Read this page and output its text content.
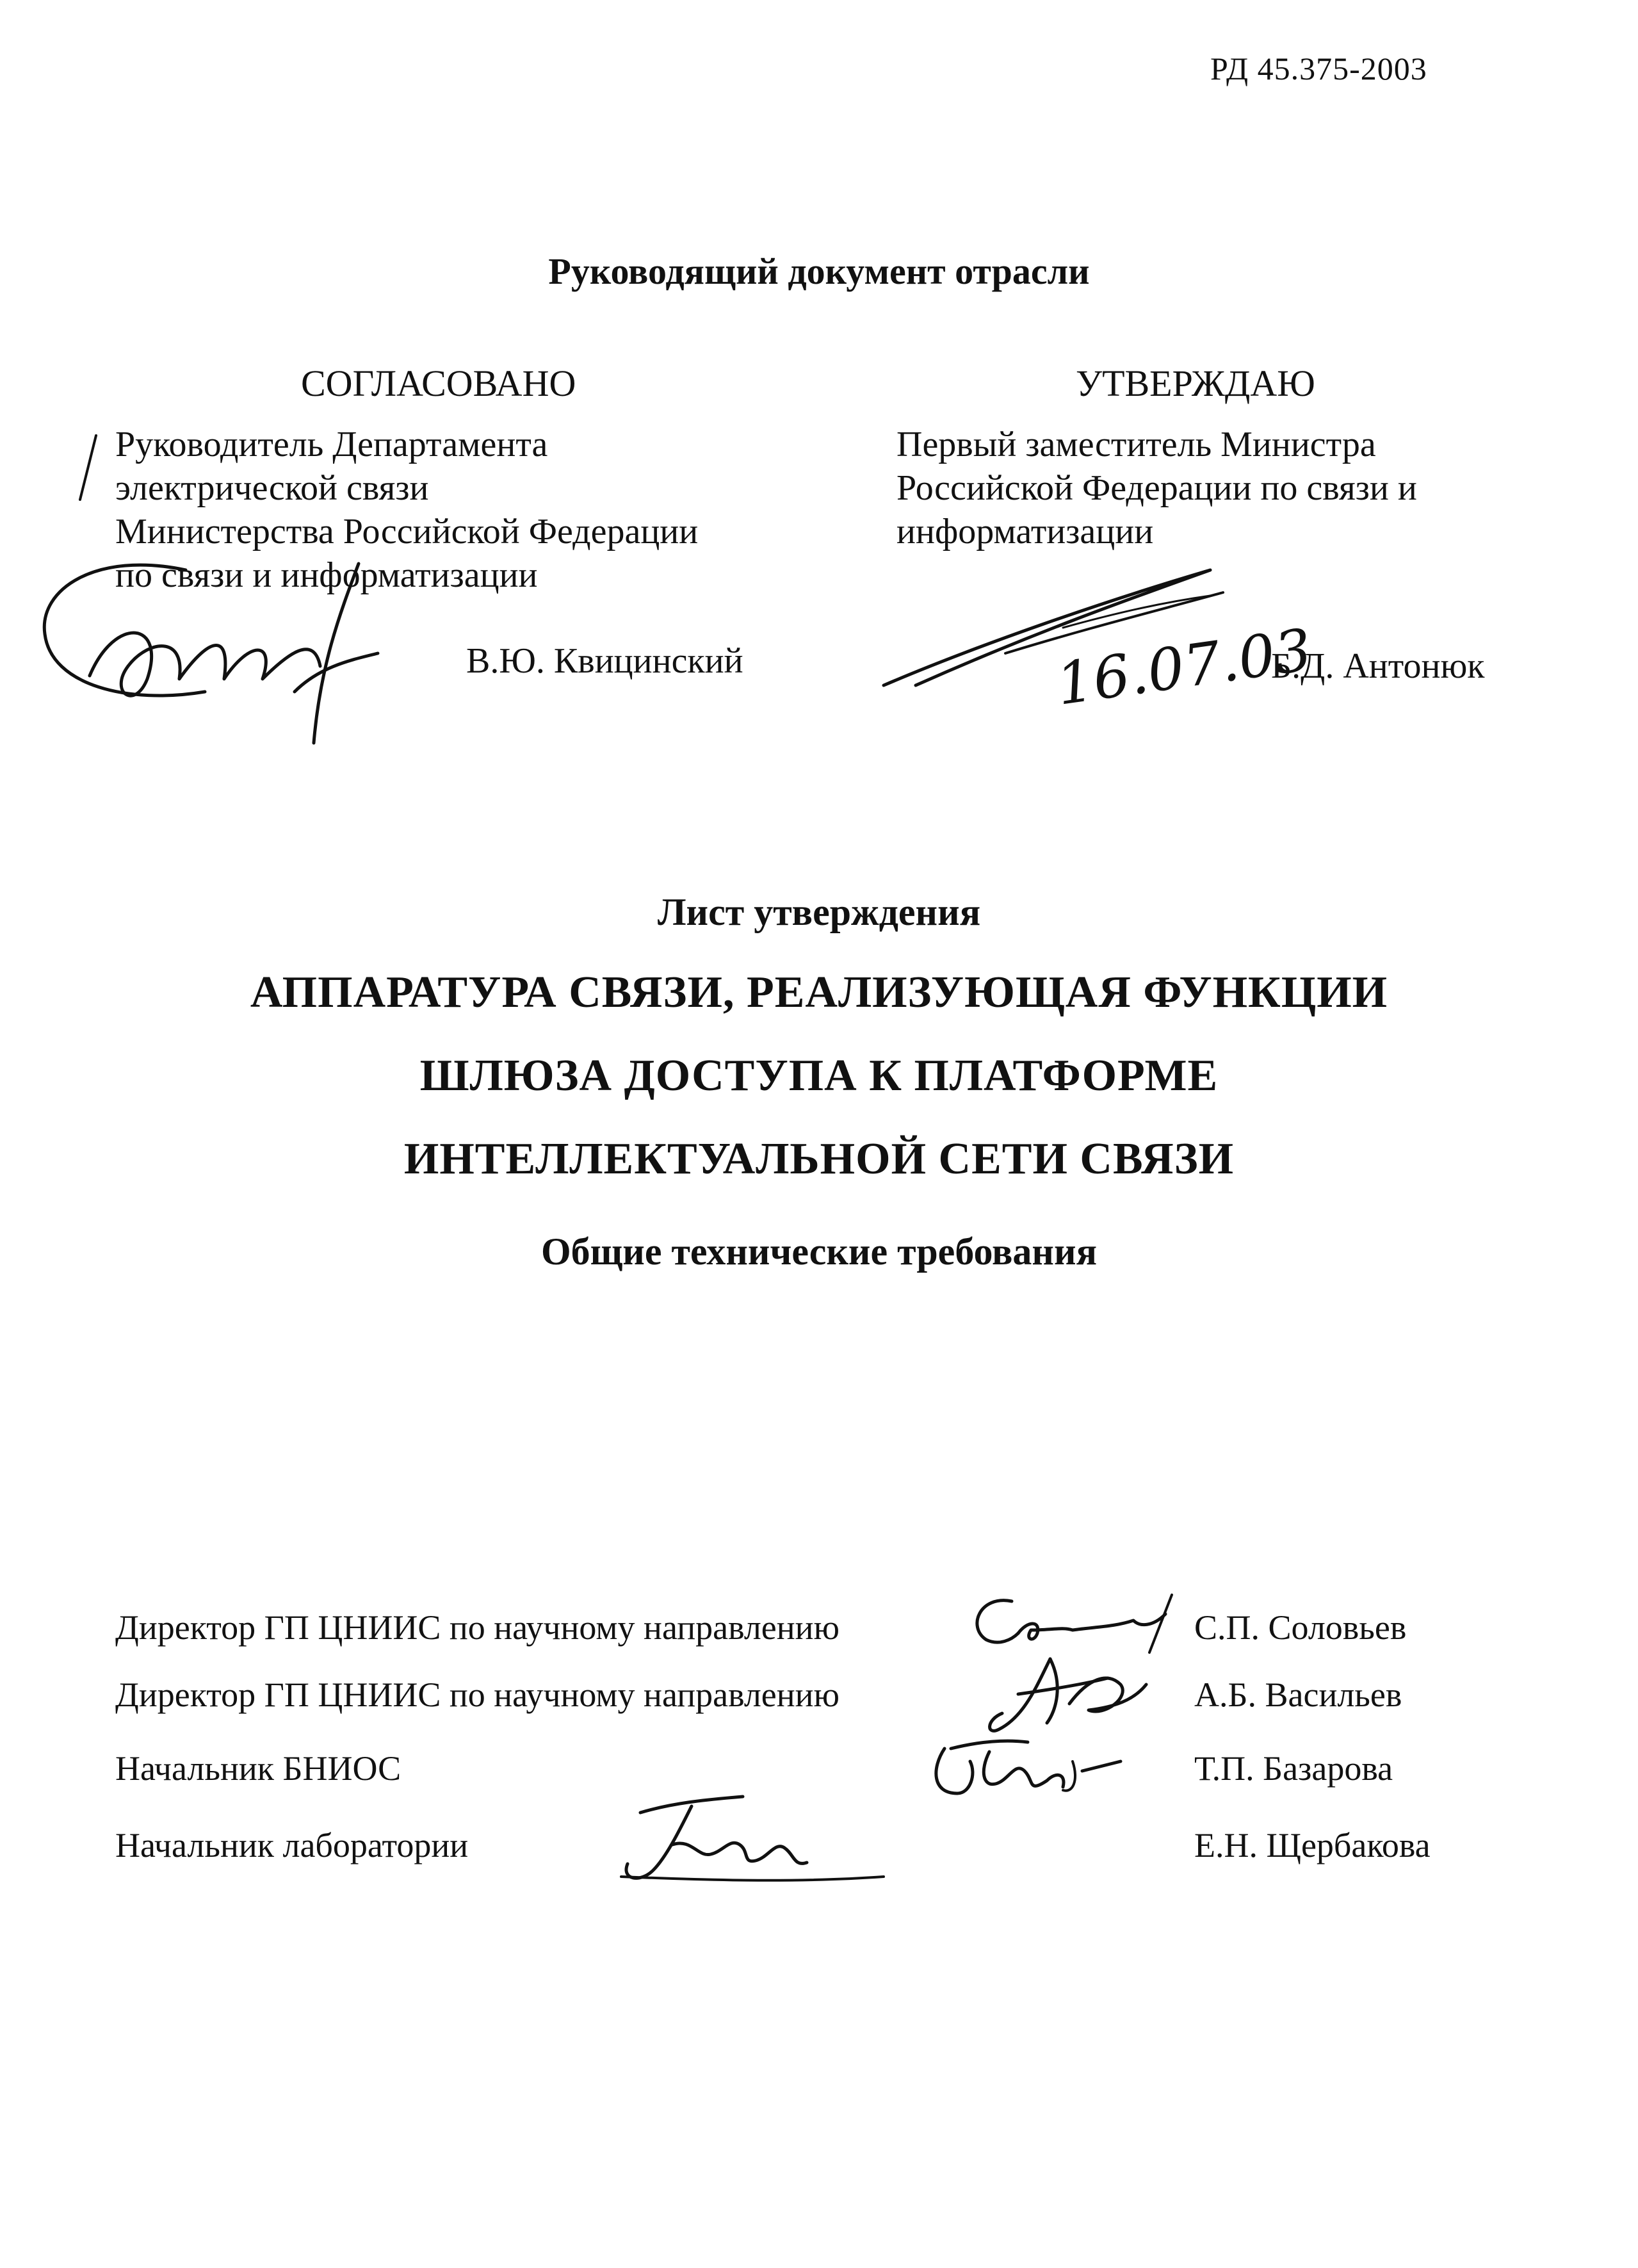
РД 45.375-2003
Руководящий документ отрасли
СОГЛАСОВАНО
Руководитель Департамента
электрической связи
Министерства Российской Федерации
по связи и информатизации
В.Ю. Квицинский
УТВЕРЖДАЮ
Первый заместитель Министра
Российской Федерации по связи и
информатизации
Б.Д. Антонюк
16.07.03
Лист утверждения
АППАРАТУРА СВЯЗИ, РЕАЛИЗУЮЩАЯ ФУНКЦИИ
ШЛЮЗА ДОСТУПА К ПЛАТФОРМЕ
ИНТЕЛЛЕКТУАЛЬНОЙ СЕТИ СВЯЗИ
Общие технические требования
Директор ГП ЦНИИС по научному направлению	С.П. Соловьев
Директор ГП ЦНИИС по научному направлению	А.Б. Васильев
Начальник БНИОС	Т.П. Базарова
Начальник лаборатории	Е.Н. Щербакова
